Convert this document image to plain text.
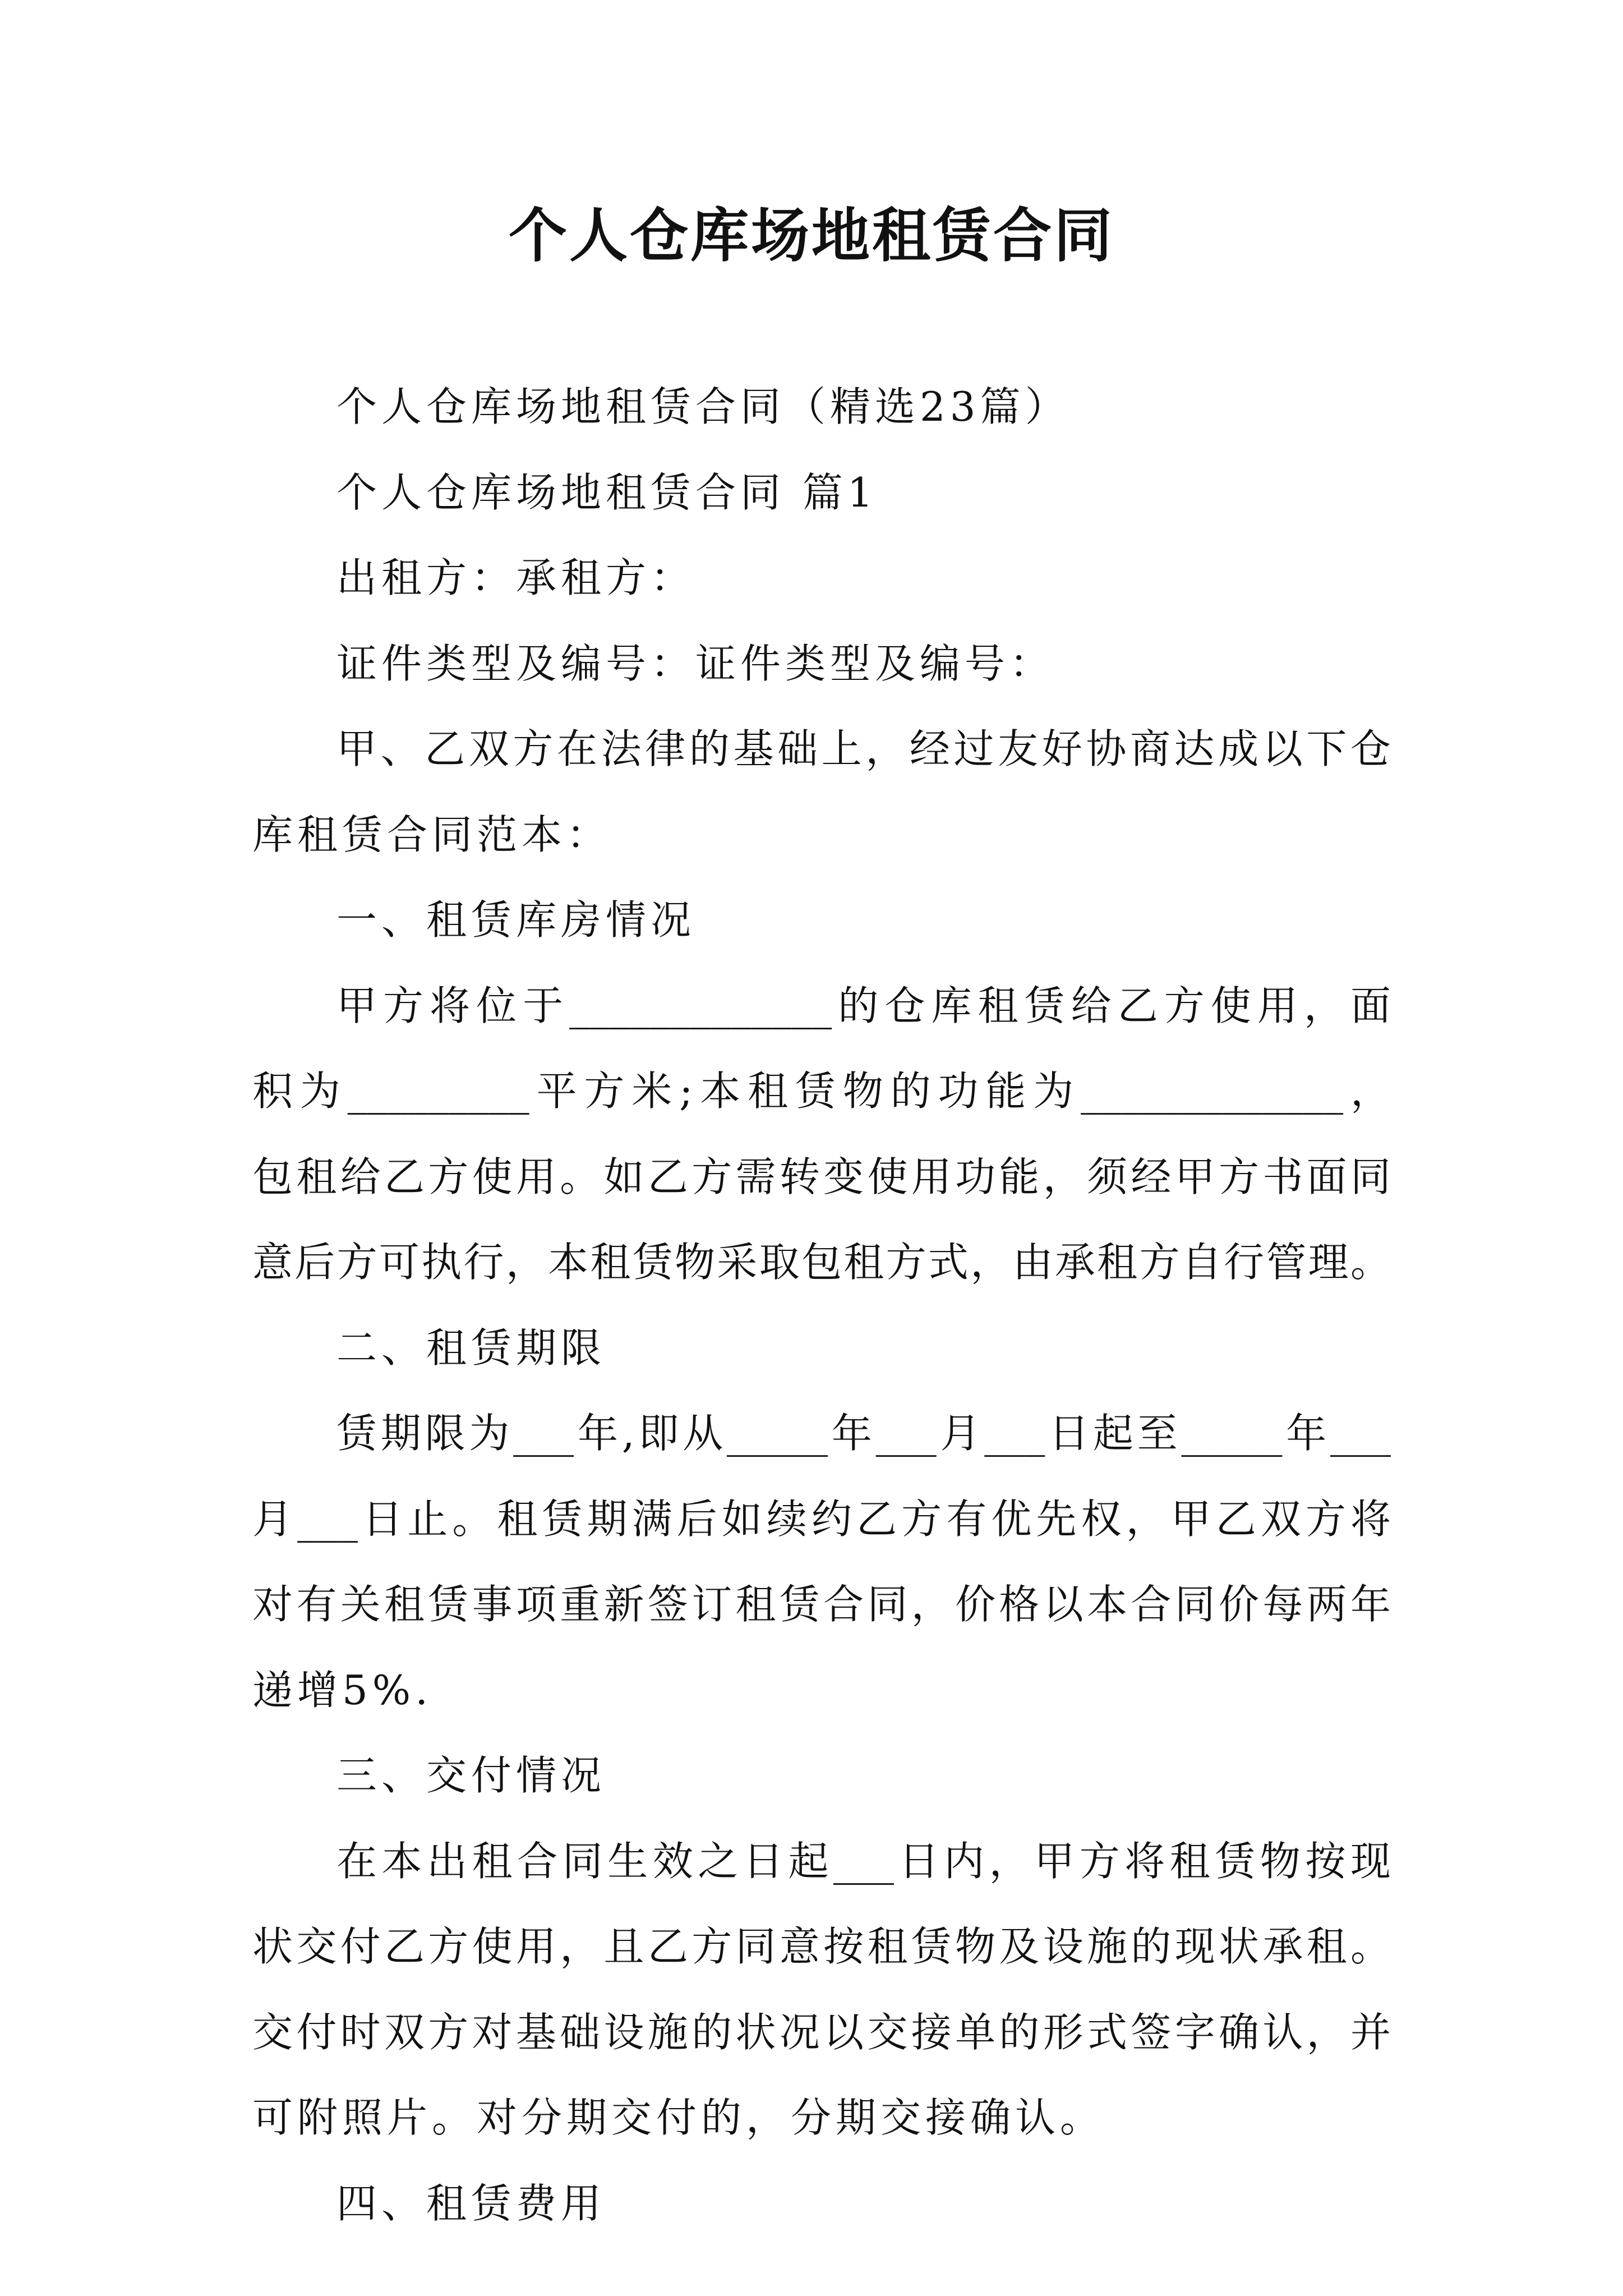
个人仓库场地租赁合同
个人仓库场地租赁合同（精选23篇）
个人仓库场地租赁合同 篇1
出租方：承租方：
证件类型及编号：证件类型及编号：
甲、乙双方在法律的基础上，经过友好协商达成以下仓
库租赁合同范本：
一、租赁库房情况
甲方将位于_____________的仓库租赁给乙方使用，面
积为_________平方米;本租赁物的功能为_____________，
包租给乙方使用。如乙方需转变使用功能，须经甲方书面同
意后方可执行，本租赁物采取包租方式，由承租方自行管理。
二、租赁期限
赁期限为___年,即从_____年___月___日起至_____年___
月___日止。租赁期满后如续约乙方有优先权，甲乙双方将
对有关租赁事项重新签订租赁合同，价格以本合同价每两年
递增5%.
三、交付情况
在本出租合同生效之日起___日内，甲方将租赁物按现
状交付乙方使用，且乙方同意按租赁物及设施的现状承租。
交付时双方对基础设施的状况以交接单的形式签字确认，并
可附照片。对分期交付的，分期交接确认。
四、租赁费用
